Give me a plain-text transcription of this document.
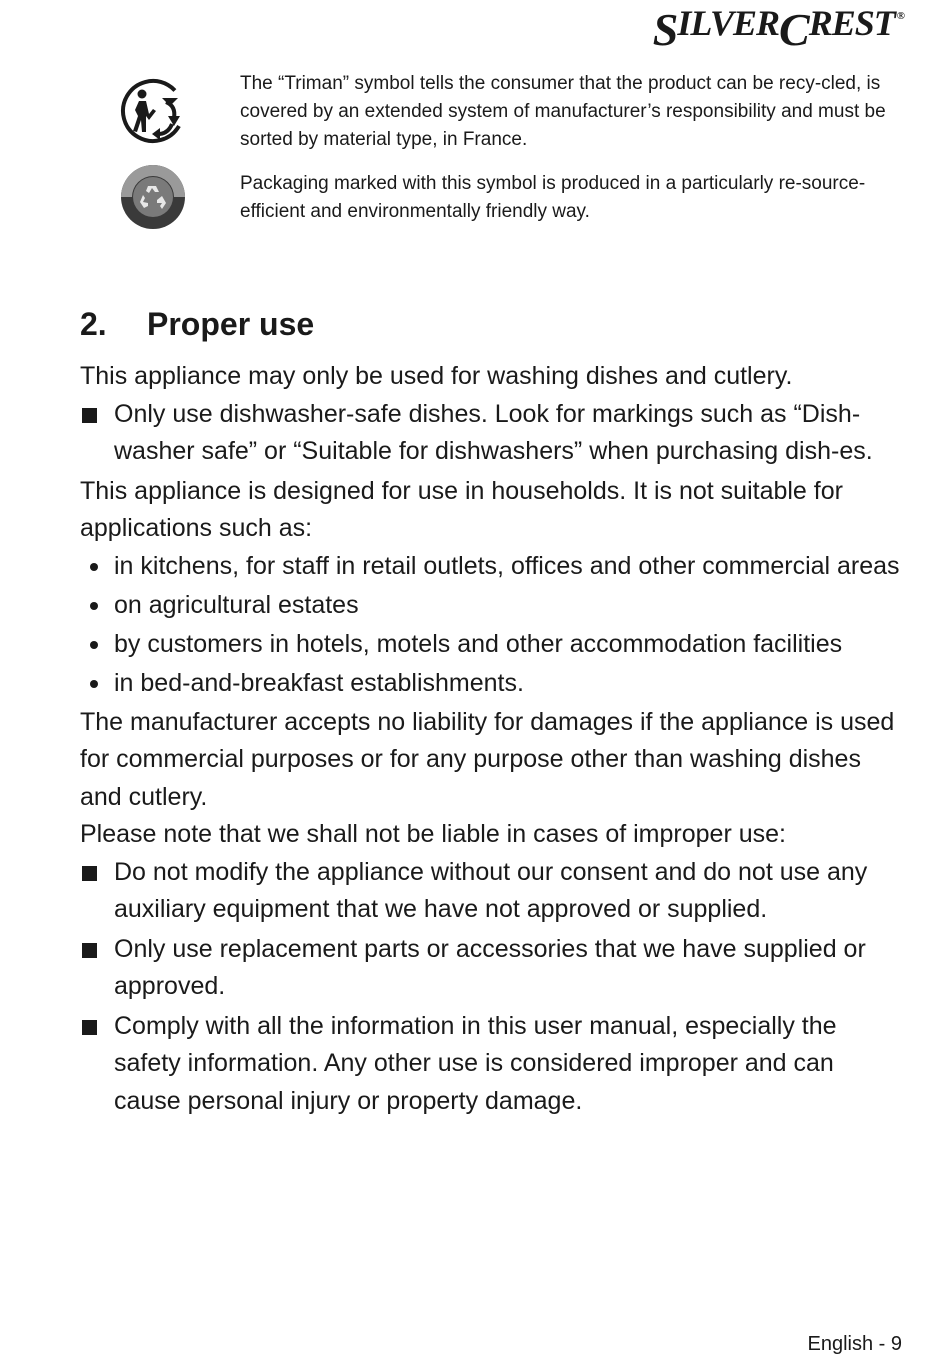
S ILVER C REST ®
The “Triman” symbol tells the consumer that the product can be recy-cled, is covered by an extended system of manufacturer’s responsibility and must be sorted by material type, in France.
Packaging marked with this symbol is produced in a particularly re-source-efficient and environmentally friendly way.
2.	Proper use

This appliance may only be used for washing dishes and cutlery.

Only use dishwasher-safe dishes. Look for markings such as “Dish-washer safe” or “Suitable for dishwashers” when purchasing dish-es.

This appliance is designed for use in households. It is not suitable for applications such as:

in kitchens, for staff in retail outlets, offices and other commercial areas
on agricultural estates
by customers in hotels, motels and other accommodation facilities
in bed-and-breakfast establishments.

The manufacturer accepts no liability for damages if the appliance is used for commercial purposes or for any purpose other than washing dishes and cutlery.

Please note that we shall not be liable in cases of improper use:

Do not modify the appliance without our consent and do not use any auxiliary equipment that we have not approved or supplied.
Only use replacement parts or accessories that we have supplied or approved.
Comply with all the information in this user manual, especially the safety information. Any other use is considered improper and can cause personal injury or property damage.
English - 9
